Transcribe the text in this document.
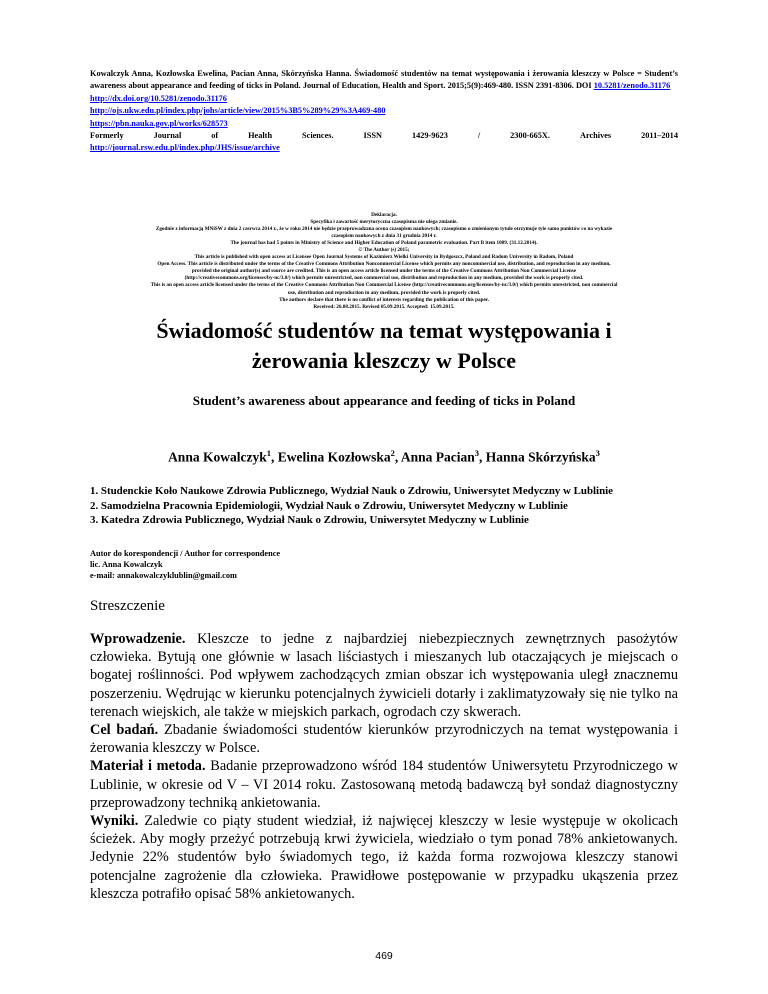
Kowalczyk Anna, Kozłowska Ewelina, Pacian Anna, Skórzyńska Hanna. Świadomość studentów na temat występowania i żerowania kleszczy w Polsce = Student’s awareness about appearance and feeding of ticks in Poland. Journal of Education, Health and Sport. 2015;5(9):469-480. ISSN 2391-8306. DOI 10.5281/zenodo.31176
http://dx.doi.org/10.5281/zenodo.31176
http://ojs.ukw.edu.pl/index.php/johs/article/view/2015%3B5%289%29%3A469-480
https://pbn.nauka.gov.pl/works/628573
Formerly	Journal	of	Health	Sciences.	ISSN	1429-9623	/	2300-665X.	Archives	2011–2014
http://journal.rsw.edu.pl/index.php/JHS/issue/archive
Deklaracja.
Specyfika i zawartość merytoryczna czasopisma nie ulega zmianie.
Zgodnie z informacją MNiSW z dnia 2 czerwca 2014 r., że w roku 2014 nie będzie przeprowadzana ocena czasopism naukowych; czasopismo o zmienionym tytule otrzymuje tyle samo punktów co na wykazie
czasopism naukowych z dnia 31 grudnia 2014 r.
The journal has had 5 points in Ministry of Science and Higher Education of Poland parametric evaluation. Part B item 1089. (31.12.2014).
© The Author (s) 2015;
This article is published with open access at Licensee Open Journal Systems of Kazimierz Wielki University in Bydgoszcz, Poland and Radom University in Radom, Poland
Open Access. This article is distributed under the terms of the Creative Commons Attribution Noncommercial License which permits any noncommercial use, distribution, and reproduction in any medium,
provided the original author(s) and source are credited. This is an open access article licensed under the terms of the Creative Commons Attribution Non Commercial License
(http://creativecommons.org/licenses/by-nc/3.0/) which permits unrestricted, non commercial use, distribution and reproduction in any medium, provided the work is properly cited.
This is an open access article licensed under the terms of the Creative Commons Attribution Non Commercial License (http://creativecommons.org/licenses/by-nc/3.0/) which permits unrestricted, non commercial
use, distribution and reproduction in any medium, provided the work is properly cited.
The authors declare that there is no conflict of interests regarding the publication of this paper.
Received: 26.08.2015. Revised 05.09.2015. Accepted: 15.09.2015.
Świadomość studentów na temat występowania i
żerowania kleszczy w Polsce
Student’s awareness about appearance and feeding of ticks in Poland
Anna Kowalczyk$^1$, Ewelina Kozłowska$^2$, Anna Pacian$^3$, Hanna Skórzyńska$^3$
1. Studenckie Koło Naukowe Zdrowia Publicznego, Wydział Nauk o Zdrowiu, Uniwersytet Medyczny w Lublinie
2. Samodzielna Pracownia Epidemiologii, Wydział Nauk o Zdrowiu, Uniwersytet Medyczny w Lublinie
3. Katedra Zdrowia Publicznego, Wydział Nauk o Zdrowiu, Uniwersytet Medyczny w Lublinie
Autor do korespondencji / Author for correspondence
lic. Anna Kowalczyk
e-mail: annakowalczyklublin@gmail.com
Streszczenie

Wprowadzenie. Kleszcze to jedne z najbardziej niebezpiecznych zewnętrznych pasożytów człowieka. Bytują one głównie w lasach liściastych i mieszanych lub otaczających je miejscach o bogatej roślinności. Pod wpływem zachodzących zmian obszar ich występowania uległ znacznemu poszerzeniu. Wędrując w kierunku potencjalnych żywicieli dotarły i zaklimatyzowały się nie tylko na terenach wiejskich, ale także w miejskich parkach, ogrodach czy skwerach.

Cel badań. Zbadanie świadomości studentów kierunków przyrodniczych na temat występowania i żerowania kleszczy w Polsce.

Materiał i metoda. Badanie przeprowadzono wśród 184 studentów Uniwersytetu Przyrodniczego w Lublinie, w okresie od V – VI 2014 roku. Zastosowaną metodą badawczą był sondaż diagnostyczny przeprowadzony techniką ankietowania.

Wyniki. Zaledwie co piąty student wiedział, iż najwięcej kleszczy w lesie występuje w okolicach ścieżek. Aby mogły przeżyć potrzebują krwi żywiciela, wiedziało o tym ponad 78% ankietowanych. Jedynie 22% studentów było świadomych tego, iż każda forma rozwojowa kleszczy stanowi potencjalne zagrożenie dla człowieka. Prawidłowe postępowanie w przypadku ukąszenia przez kleszcza potrafiło opisać 58% ankietowanych.

469
